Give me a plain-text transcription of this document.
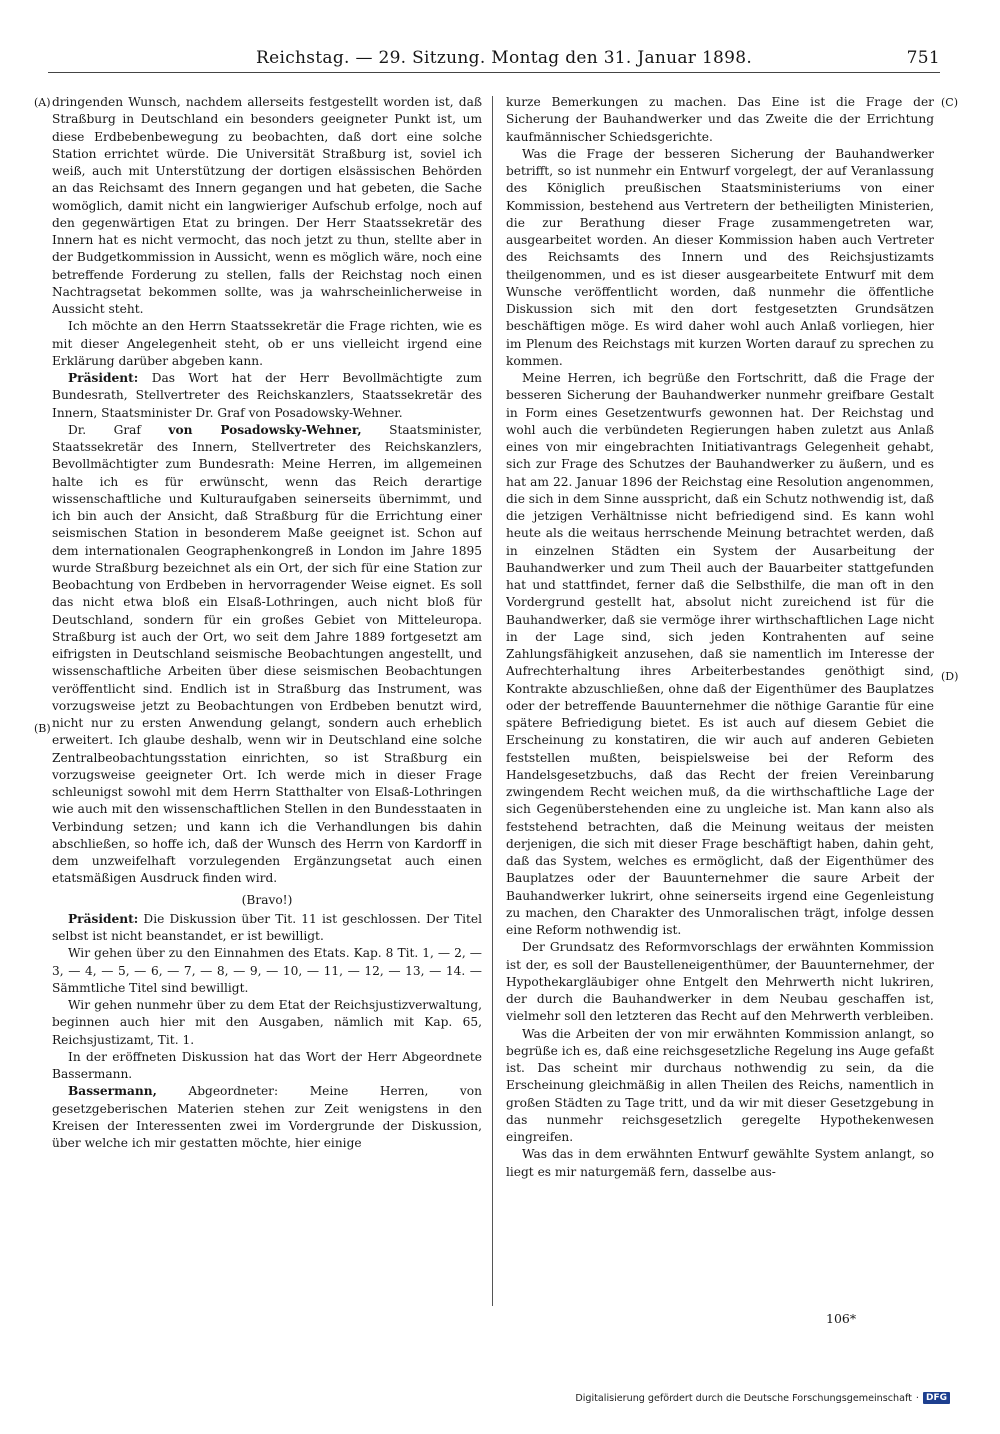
Reichstag. — 29. Sitzung. Montag den 31. Januar 1898.	751
(A)
(B)
(C)
(D)

dringenden Wunsch, nachdem allerseits festgestellt worden ist, daß Straßburg in Deutschland ein besonders geeigneter Punkt ist, um diese Erdbebenbewegung zu beobachten, daß dort eine solche Station errichtet würde. Die Universität Straßburg ist, soviel ich weiß, auch mit Unterstützung der dortigen elsässischen Behörden an das Reichsamt des Innern gegangen und hat gebeten, die Sache womöglich, damit nicht ein langwieriger Aufschub erfolge, noch auf den gegenwärtigen Etat zu bringen. Der Herr Staatssekretär des Innern hat es nicht vermocht, das noch jetzt zu thun, stellte aber in der Budgetkommission in Aussicht, wenn es möglich wäre, noch eine betreffende Forderung zu stellen, falls der Reichstag noch einen Nachtragsetat bekommen sollte, was ja wahrscheinlicherweise in Aussicht steht.

Ich möchte an den Herrn Staatssekretär die Frage richten, wie es mit dieser Angelegenheit steht, ob er uns vielleicht irgend eine Erklärung darüber abgeben kann.

Präsident: Das Wort hat der Herr Bevollmächtigte zum Bundesrath, Stellvertreter des Reichskanzlers, Staatssekretär des Innern, Staatsminister Dr. Graf von Posadowsky-Wehner.

Dr. Graf von Posadowsky-Wehner, Staatsminister, Staatssekretär des Innern, Stellvertreter des Reichskanzlers, Bevollmächtigter zum Bundesrath: Meine Herren, im allgemeinen halte ich es für erwünscht, wenn das Reich derartige wissenschaftliche und Kulturaufgaben seinerseits übernimmt, und ich bin auch der Ansicht, daß Straßburg für die Errichtung einer seismischen Station in besonderem Maße geeignet ist. Schon auf dem internationalen Geographenkongreß in London im Jahre 1895 wurde Straßburg bezeichnet als ein Ort, der sich für eine Station zur Beobachtung von Erdbeben in hervorragender Weise eignet. Es soll das nicht etwa bloß ein Elsaß-Lothringen, auch nicht bloß für Deutschland, sondern für ein großes Gebiet von Mitteleuropa. Straßburg ist auch der Ort, wo seit dem Jahre 1889 fortgesetzt am eifrigsten in Deutschland seismische Beobachtungen angestellt, und wissenschaftliche Arbeiten über diese seismischen Beobachtungen veröffentlicht sind. Endlich ist in Straßburg das Instrument, was vorzugsweise jetzt zu Beobachtungen von Erdbeben benutzt wird, nicht nur zu ersten Anwendung gelangt, sondern auch erheblich erweitert. Ich glaube deshalb, wenn wir in Deutschland eine solche Zentralbeobachtungsstation einrichten, so ist Straßburg ein vorzugsweise geeigneter Ort. Ich werde mich in dieser Frage schleunigst sowohl mit dem Herrn Statthalter von Elsaß-Lothringen wie auch mit den wissenschaftlichen Stellen in den Bundesstaaten in Verbindung setzen; und kann ich die Verhandlungen bis dahin abschließen, so hoffe ich, daß der Wunsch des Herrn von Kardorff in dem unzweifelhaft vorzulegenden Ergänzungsetat auch einen etatsmäßigen Ausdruck finden wird.

(Bravo!)

Präsident: Die Diskussion über Tit. 11 ist geschlossen. Der Titel selbst ist nicht beanstandet, er ist bewilligt.

Wir gehen über zu den Einnahmen des Etats. Kap. 8 Tit. 1, — 2, — 3, — 4, — 5, — 6, — 7, — 8, — 9, — 10, — 11, — 12, — 13, — 14. — Sämmtliche Titel sind bewilligt.

Wir gehen nunmehr über zu dem Etat der Reichsjustizverwaltung, beginnen auch hier mit den Ausgaben, nämlich mit Kap. 65, Reichsjustizamt, Tit. 1.

In der eröffneten Diskussion hat das Wort der Herr Abgeordnete Bassermann.

Bassermann, Abgeordneter: Meine Herren, von gesetzgeberischen Materien stehen zur Zeit wenigstens in den Kreisen der Interessenten zwei im Vordergrunde der Diskussion, über welche ich mir gestatten möchte, hier einige

kurze Bemerkungen zu machen. Das Eine ist die Frage der Sicherung der Bauhandwerker und das Zweite die der Errichtung kaufmännischer Schiedsgerichte.

Was die Frage der besseren Sicherung der Bauhandwerker betrifft, so ist nunmehr ein Entwurf vorgelegt, der auf Veranlassung des Königlich preußischen Staatsministeriums von einer Kommission, bestehend aus Vertretern der betheiligten Ministerien, die zur Berathung dieser Frage zusammengetreten war, ausgearbeitet worden. An dieser Kommission haben auch Vertreter des Reichsamts des Innern und des Reichsjustizamts theilgenommen, und es ist dieser ausgearbeitete Entwurf mit dem Wunsche veröffentlicht worden, daß nunmehr die öffentliche Diskussion sich mit den dort festgesetzten Grundsätzen beschäftigen möge. Es wird daher wohl auch Anlaß vorliegen, hier im Plenum des Reichstags mit kurzen Worten darauf zu sprechen zu kommen.

Meine Herren, ich begrüße den Fortschritt, daß die Frage der besseren Sicherung der Bauhandwerker nunmehr greifbare Gestalt in Form eines Gesetzentwurfs gewonnen hat. Der Reichstag und wohl auch die verbündeten Regierungen haben zuletzt aus Anlaß eines von mir eingebrachten Initiativantrags Gelegenheit gehabt, sich zur Frage des Schutzes der Bauhandwerker zu äußern, und es hat am 22. Januar 1896 der Reichstag eine Resolution angenommen, die sich in dem Sinne ausspricht, daß ein Schutz nothwendig ist, daß die jetzigen Verhältnisse nicht befriedigend sind. Es kann wohl heute als die weitaus herrschende Meinung betrachtet werden, daß in einzelnen Städten ein System der Ausarbeitung der Bauhandwerker und zum Theil auch der Bauarbeiter stattgefunden hat und stattfindet, ferner daß die Selbsthilfe, die man oft in den Vordergrund gestellt hat, absolut nicht zureichend ist für die Bauhandwerker, daß sie vermöge ihrer wirthschaftlichen Lage nicht in der Lage sind, sich jeden Kontrahenten auf seine Zahlungsfähigkeit anzusehen, daß sie namentlich im Interesse der Aufrechterhaltung ihres Arbeiterbestandes genöthigt sind, Kontrakte abzuschließen, ohne daß der Eigenthümer des Bauplatzes oder der betreffende Bauunternehmer die nöthige Garantie für eine spätere Befriedigung bietet. Es ist auch auf diesem Gebiet die Erscheinung zu konstatiren, die wir auch auf anderen Gebieten feststellen mußten, beispielsweise bei der Reform des Handelsgesetzbuchs, daß das Recht der freien Vereinbarung zwingendem Recht weichen muß, da die wirthschaftliche Lage der sich Gegenüberstehenden eine zu ungleiche ist. Man kann also als feststehend betrachten, daß die Meinung weitaus der meisten derjenigen, die sich mit dieser Frage beschäftigt haben, dahin geht, daß das System, welches es ermöglicht, daß der Eigenthümer des Bauplatzes oder der Bauunternehmer die saure Arbeit der Bauhandwerker lukrirt, ohne seinerseits irgend eine Gegenleistung zu machen, den Charakter des Unmoralischen trägt, infolge dessen eine Reform nothwendig ist.

Der Grundsatz des Reformvorschlags der erwähnten Kommission ist der, es soll der Baustelleneigenthümer, der Bauunternehmer, der Hypothekargläubiger ohne Entgelt den Mehrwerth nicht lukriren, der durch die Bauhandwerker in dem Neubau geschaffen ist, vielmehr soll den letzteren das Recht auf den Mehrwerth verbleiben.

Was die Arbeiten der von mir erwähnten Kommission anlangt, so begrüße ich es, daß eine reichsgesetzliche Regelung ins Auge gefaßt ist. Das scheint mir durchaus nothwendig zu sein, da die Erscheinung gleichmäßig in allen Theilen des Reichs, namentlich in großen Städten zu Tage tritt, und da wir mit dieser Gesetzgebung in das nunmehr reichsgesetzlich geregelte Hypothekenwesen eingreifen.

Was das in dem erwähnten Entwurf gewählte System anlangt, so liegt es mir naturgemäß fern, dasselbe aus-

106*
Digitalisierung gefördert durch die Deutsche Forschungsgemeinschaft · DFG
